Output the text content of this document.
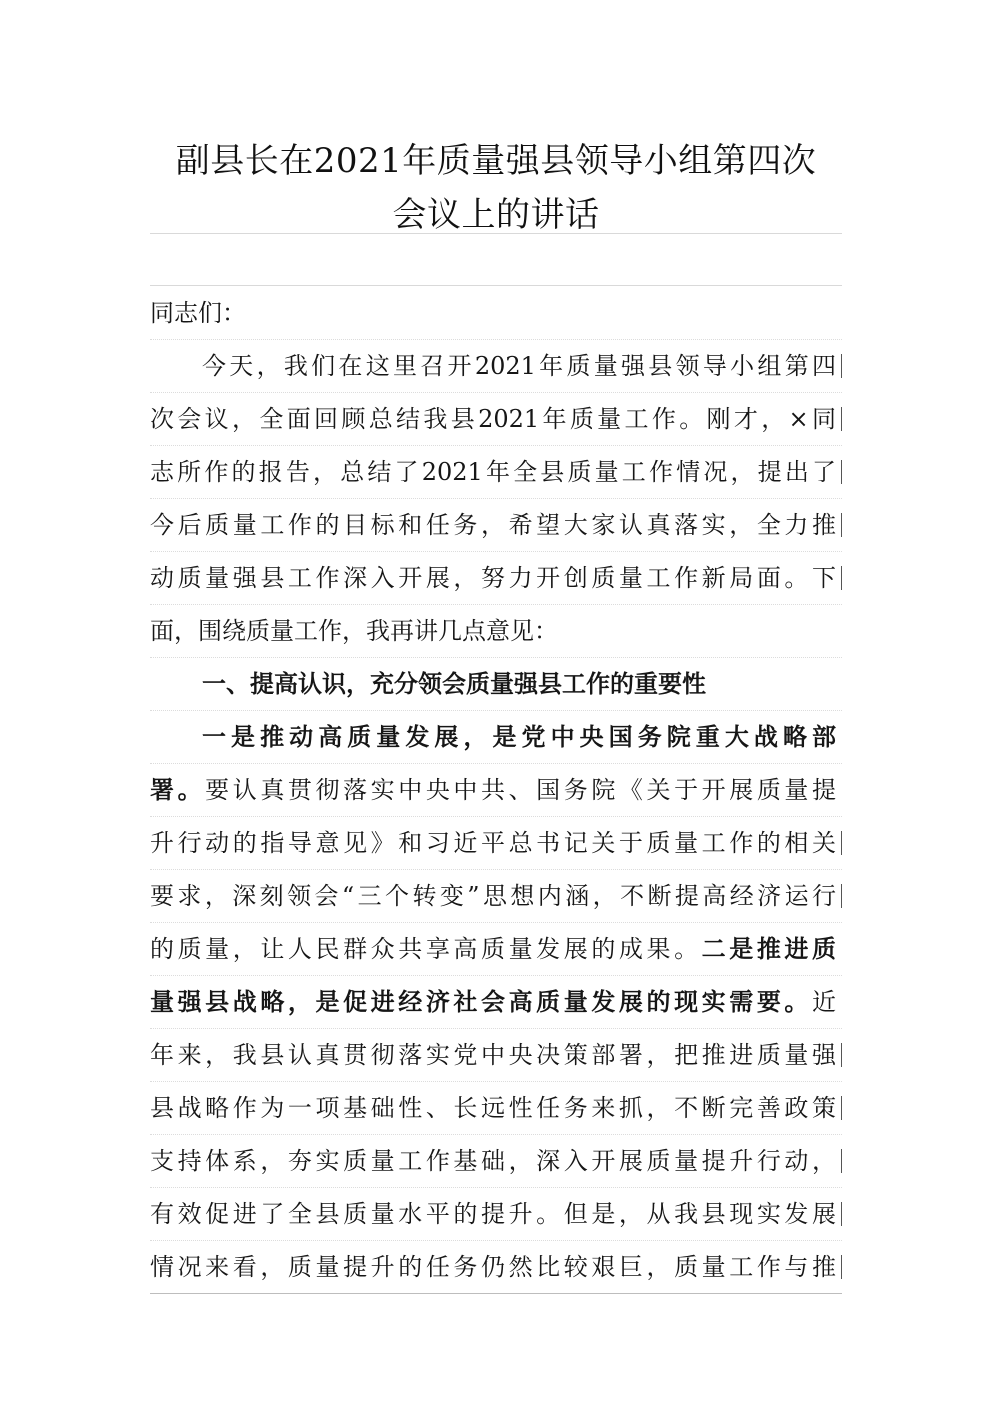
副县长在2021年质量强县领导小组第四次
会议上的讲话
同志们：
今天，我们在这里召开2021年质量强县领导小组第四
次会议，全面回顾总结我县2021年质量工作。刚才，×同
志所作的报告，总结了2021年全县质量工作情况，提出了
今后质量工作的目标和任务，希望大家认真落实，全力推
动质量强县工作深入开展，努力开创质量工作新局面。下
面，围绕质量工作，我再讲几点意见：
一、提高认识，充分领会质量强县工作的重要性
一是推动高质量发展，是党中央国务院重大战略部
署。要认真贯彻落实中央中共、国务院《关于开展质量提
升行动的指导意见》和习近平总书记关于质量工作的相关
要求，深刻领会“三个转变”思想内涵，不断提高经济运行
的质量，让人民群众共享高质量发展的成果。二是推进质
量强县战略，是促进经济社会高质量发展的现实需要。近
年来，我县认真贯彻落实党中央决策部署，把推进质量强
县战略作为一项基础性、长远性任务来抓，不断完善政策
支持体系，夯实质量工作基础，深入开展质量提升行动，
有效促进了全县质量水平的提升。但是，从我县现实发展
情况来看，质量提升的任务仍然比较艰巨，质量工作与推
